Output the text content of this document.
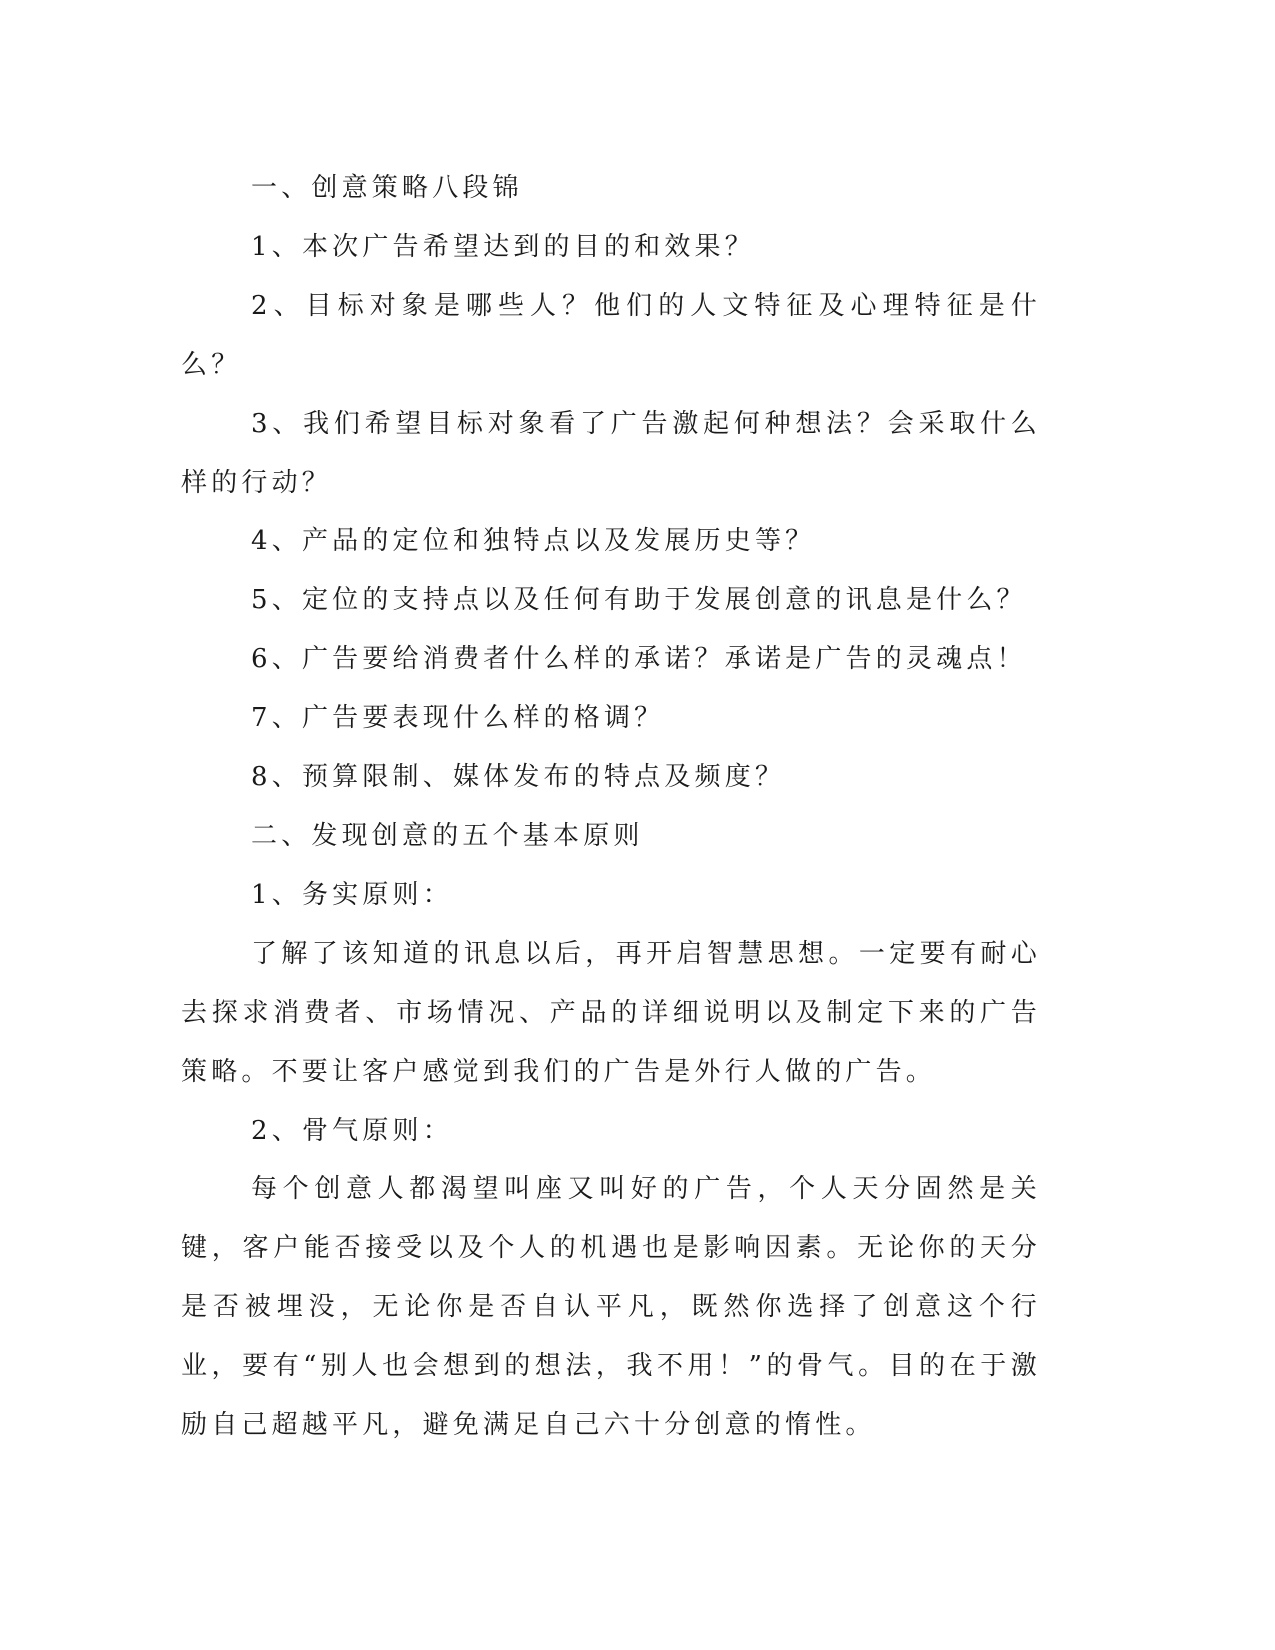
一、创意策略八段锦

1、本次广告希望达到的目的和效果？

2、目标对象是哪些人？他们的人文特征及心理特征是什么？

3、我们希望目标对象看了广告激起何种想法？会采取什么样的行动？

4、产品的定位和独特点以及发展历史等？

5、定位的支持点以及任何有助于发展创意的讯息是什么？

6、广告要给消费者什么样的承诺？承诺是广告的灵魂点！

7、广告要表现什么样的格调？

8、预算限制、媒体发布的特点及频度？

二、发现创意的五个基本原则

1、务实原则：

了解了该知道的讯息以后，再开启智慧思想。一定要有耐心去探求消费者、市场情况、产品的详细说明以及制定下来的广告策略。不要让客户感觉到我们的广告是外行人做的广告。

2、骨气原则：

每个创意人都渴望叫座又叫好的广告，个人天分固然是关键，客户能否接受以及个人的机遇也是影响因素。无论你的天分是否被埋没，无论你是否自认平凡，既然你选择了创意这个行业，要有“别人也会想到的想法，我不用！”的骨气。目的在于激励自己超越平凡，避免满足自己六十分创意的惰性。
